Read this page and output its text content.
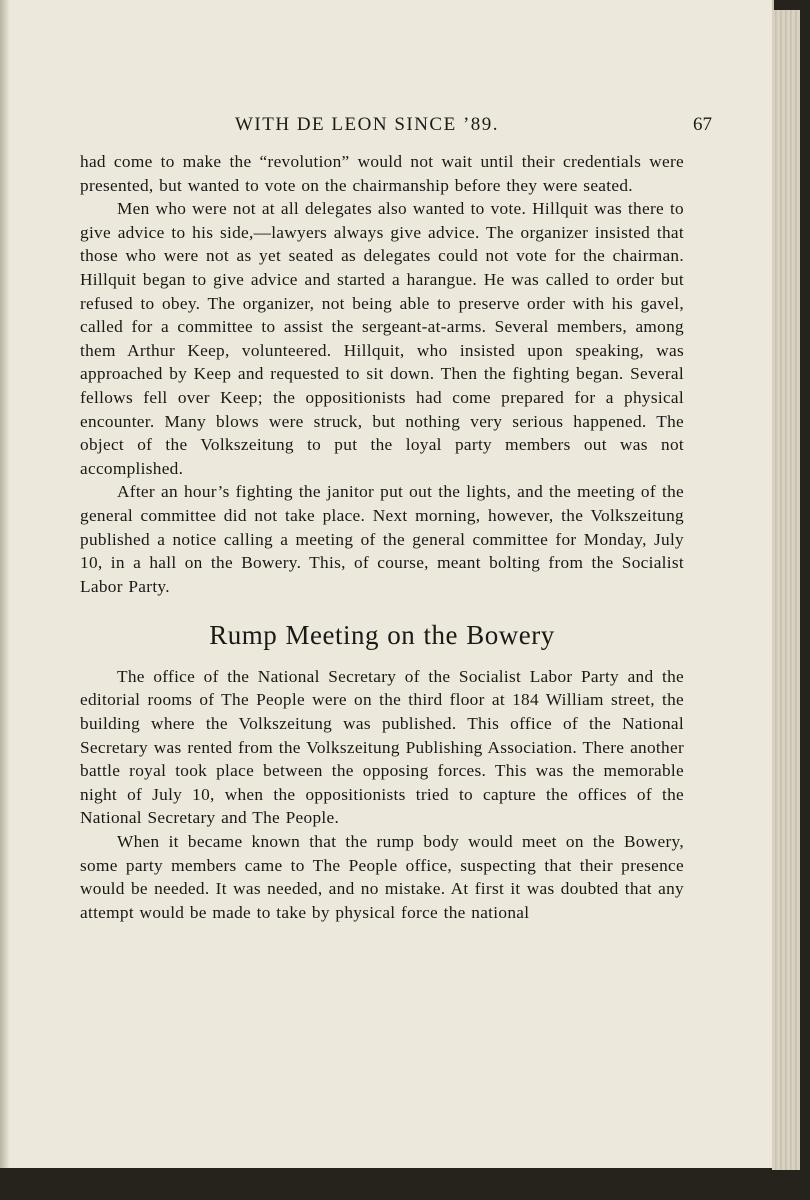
WITH DE LEON SINCE ’89.	67

had come to make the “revolution” would not wait until their credentials were presented, but wanted to vote on the chairmanship before they were seated.

Men who were not at all delegates also wanted to vote. Hillquit was there to give advice to his side,—lawyers always give advice. The organizer insisted that those who were not as yet seated as delegates could not vote for the chairman. Hillquit began to give advice and started a harangue. He was called to order but refused to obey. The organizer, not being able to preserve order with his gavel, called for a committee to assist the sergeant-at-arms. Several members, among them Arthur Keep, volunteered. Hillquit, who insisted upon speaking, was approached by Keep and requested to sit down. Then the fighting began. Several fellows fell over Keep; the oppositionists had come prepared for a physical encounter. Many blows were struck, but nothing very serious happened. The object of the Volkszeitung to put the loyal party members out was not accomplished.

After an hour’s fighting the janitor put out the lights, and the meeting of the general committee did not take place. Next morning, however, the Volkszeitung published a notice calling a meeting of the general committee for Monday, July 10, in a hall on the Bowery. This, of course, meant bolting from the Socialist Labor Party.

Rump Meeting on the Bowery

The office of the National Secretary of the Socialist Labor Party and the editorial rooms of The People were on the third floor at 184 William street, the building where the Volkszeitung was published. This office of the National Secretary was rented from the Volkszeitung Publishing Association. There another battle royal took place between the opposing forces. This was the memorable night of July 10, when the oppositionists tried to capture the offices of the National Secretary and The People.

When it became known that the rump body would meet on the Bowery, some party members came to The People office, suspecting that their presence would be needed. It was needed, and no mistake. At first it was doubted that any attempt would be made to take by physical force the national
